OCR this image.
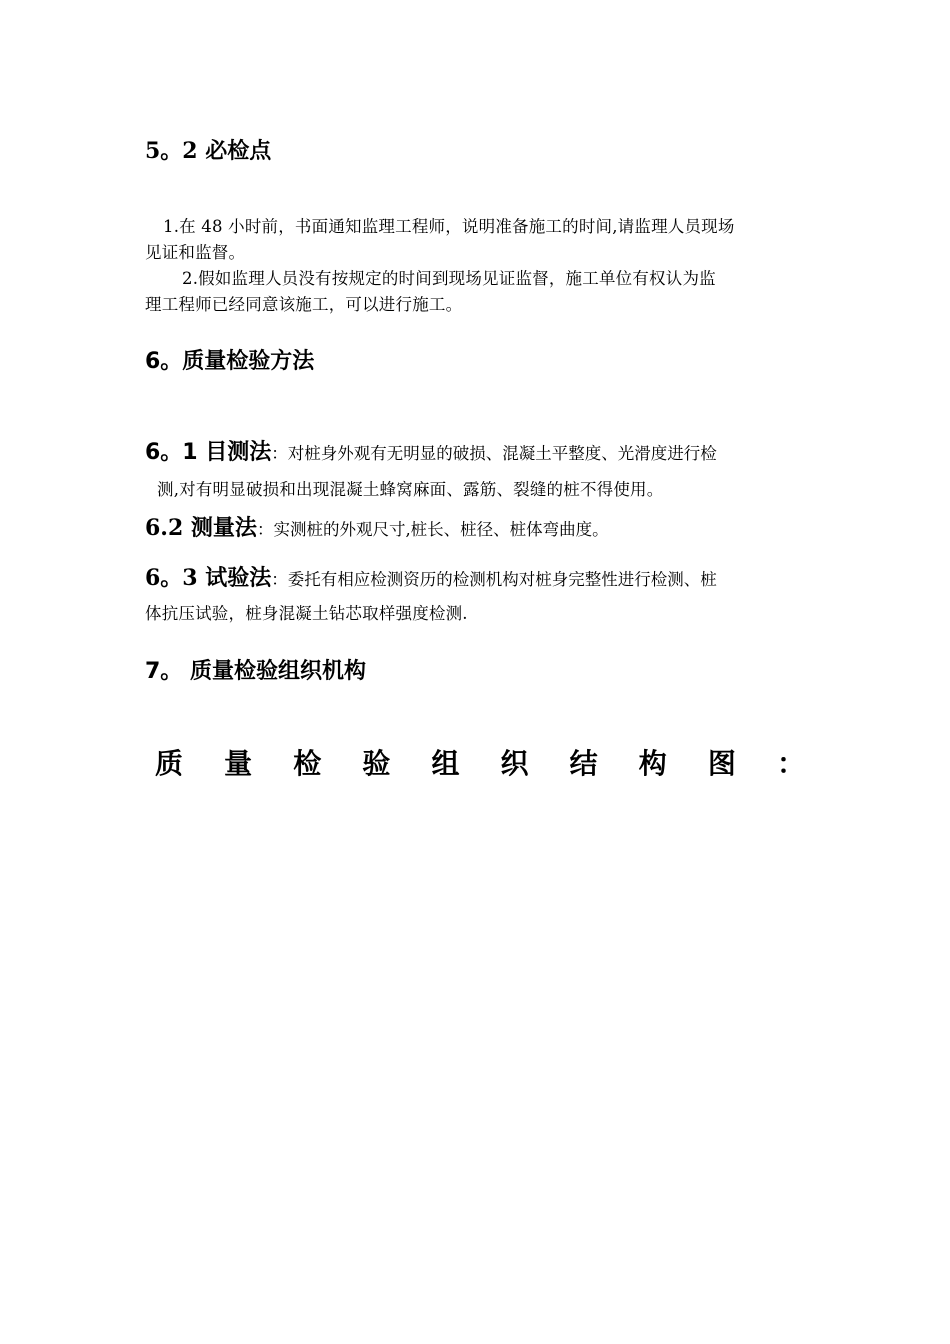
5。2 必检点
1.在 48 小时前，书面通知监理工程师，说明准备施工的时间,请监理人员现场
见证和监督。
2.假如监理人员没有按规定的时间到现场见证监督，施工单位有权认为监
理工程师已经同意该施工，可以进行施工。
6。质量检验方法
6。1 目测法：对桩身外观有无明显的破损、混凝土平整度、光滑度进行检
测,对有明显破损和出现混凝土蜂窝麻面、露筋、裂缝的桩不得使用。
6.2 测量法：实测桩的外观尺寸,桩长、桩径、桩体弯曲度。
6。3 试验法：委托有相应检测资历的检测机构对桩身完整性进行检测、桩
体抗压试验，桩身混凝土钻芯取样强度检测.
7。 质量检验组织机构
质 量 检 验 组 织 结 构 图 ：
